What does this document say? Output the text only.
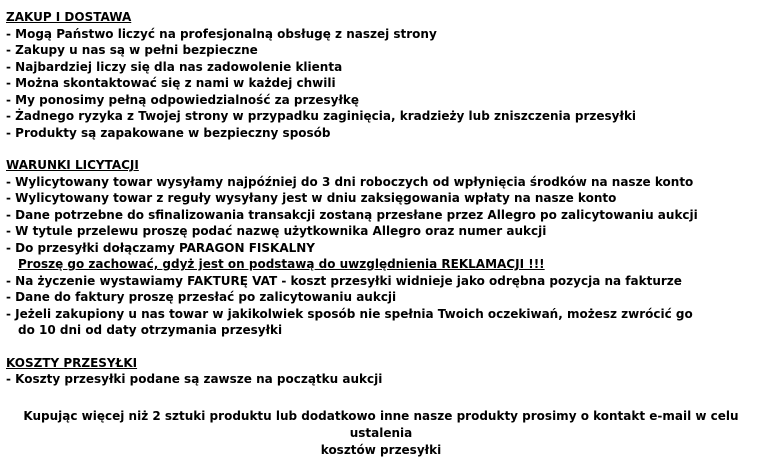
ZAKUP I DOSTAWA

- Mogą Państwo liczyć na profesjonalną obsługę z naszej strony

- Zakupy u nas są w pełni bezpieczne

- Najbardziej liczy się dla nas zadowolenie klienta

- Można skontaktować się z nami w każdej chwili

- My ponosimy pełną odpowiedzialność za przesyłkę

- Żadnego ryzyka z Twojej strony w przypadku zaginięcia, kradzieży lub zniszczenia przesyłki

- Produkty są zapakowane w bezpieczny sposób

WARUNKI LICYTACJI

- Wylicytowany towar wysyłamy najpóźniej do 3 dni roboczych od wpłynięcia środków na nasze konto

- Wylicytowany towar z reguły wysyłany jest w dniu zaksięgowania wpłaty na nasze konto

- Dane potrzebne do sfinalizowania transakcji zostaną przesłane przez Allegro po zalicytowaniu aukcji

- W tytule przelewu proszę podać nazwę użytkownika Allegro oraz numer aukcji

- Do przesyłki dołączamy PARAGON FISKALNY

Proszę go zachować, gdyż jest on podstawą do uwzględnienia REKLAMACJI !!!

- Na życzenie wystawiamy FAKTURĘ VAT - koszt przesyłki widnieje jako odrębna pozycja na fakturze

- Dane do faktury proszę przesłać po zalicytowaniu aukcji

- Jeżeli zakupiony u nas towar w jakikolwiek sposób nie spełnia Twoich oczekiwań, możesz zwrócić go

do 10 dni od daty otrzymania przesyłki

KOSZTY PRZESYŁKI

- Koszty przesyłki podane są zawsze na początku aukcji

Kupując więcej niż 2 sztuki produktu lub dodatkowo inne nasze produkty prosimy o kontakt e-mail w celu ustalenia
kosztów przesyłki
